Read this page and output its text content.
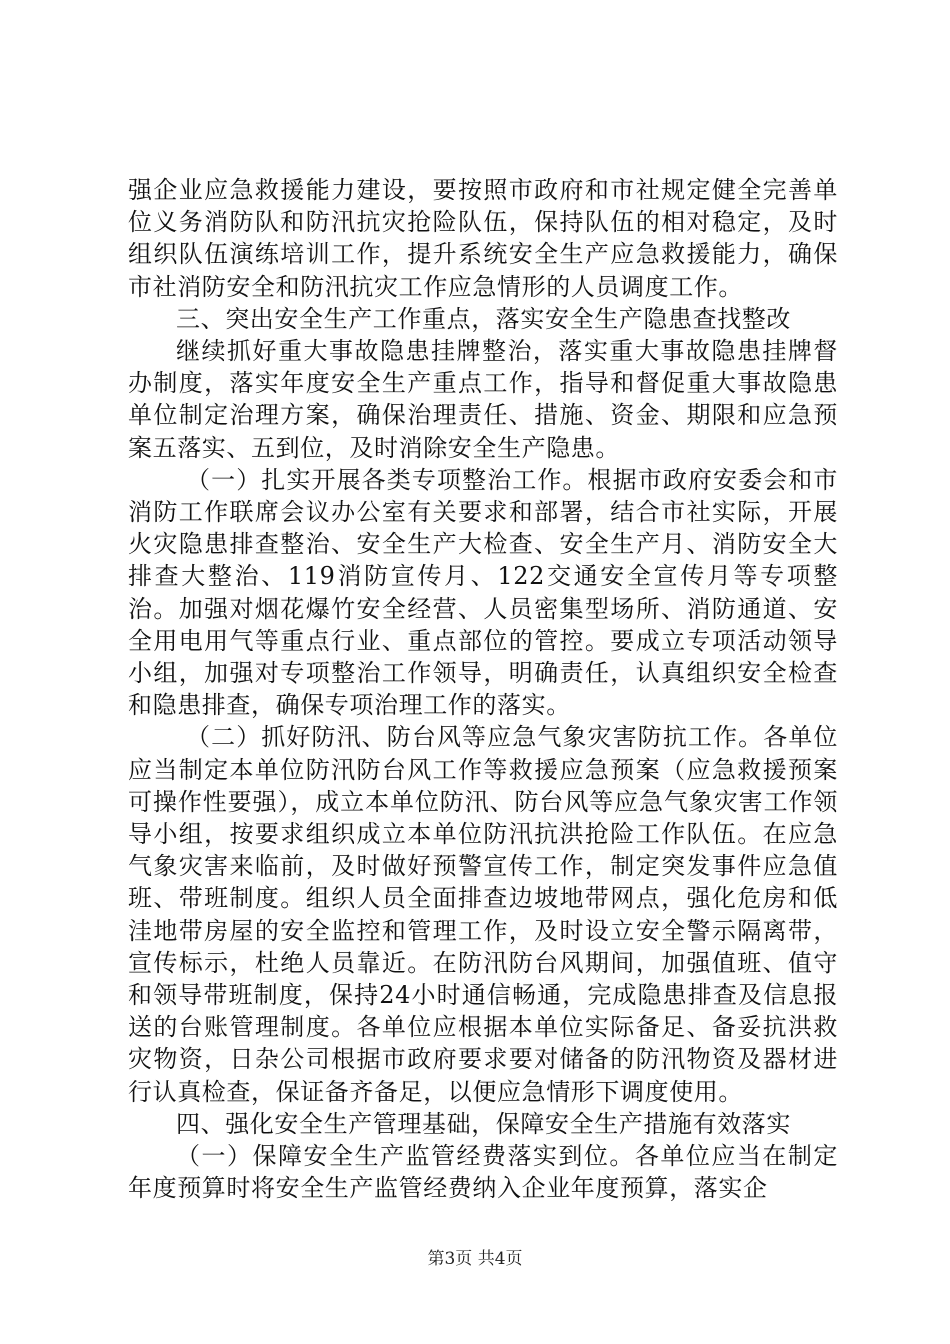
强企业应急救援能力建设，要按照市政府和市社规定健全完善单位义务消防队和防汛抗灾抢险队伍，保持队伍的相对稳定，及时组织队伍演练培训工作，提升系统安全生产应急救援能力，确保市社消防安全和防汛抗灾工作应急情形的人员调度工作。

三、突出安全生产工作重点，落实安全生产隐患查找整改

继续抓好重大事故隐患挂牌整治，落实重大事故隐患挂牌督办制度，落实年度安全生产重点工作，指导和督促重大事故隐患单位制定治理方案，确保治理责任、措施、资金、期限和应急预案五落实、五到位，及时消除安全生产隐患。

（一）扎实开展各类专项整治工作。根据市政府安委会和市消防工作联席会议办公室有关要求和部署，结合市社实际，开展火灾隐患排查整治、安全生产大检查、安全生产月、消防安全大排查大整治、119消防宣传月、122交通安全宣传月等专项整治。加强对烟花爆竹安全经营、人员密集型场所、消防通道、安全用电用气等重点行业、重点部位的管控。要成立专项活动领导小组，加强对专项整治工作领导，明确责任，认真组织安全检查和隐患排查，确保专项治理工作的落实。

（二）抓好防汛、防台风等应急气象灾害防抗工作。各单位应当制定本单位防汛防台风工作等救援应急预案（应急救援预案可操作性要强），成立本单位防汛、防台风等应急气象灾害工作领导小组，按要求组织成立本单位防汛抗洪抢险工作队伍。在应急气象灾害来临前，及时做好预警宣传工作，制定突发事件应急值班、带班制度。组织人员全面排查边坡地带网点，强化危房和低洼地带房屋的安全监控和管理工作，及时设立安全警示隔离带，宣传标示，杜绝人员靠近。在防汛防台风期间，加强值班、值守和领导带班制度，保持24小时通信畅通，完成隐患排查及信息报送的台账管理制度。各单位应根据本单位实际备足、备妥抗洪救灾物资，日杂公司根据市政府要求要对储备的防汛物资及器材进行认真检查，保证备齐备足，以便应急情形下调度使用。

四、强化安全生产管理基础，保障安全生产措施有效落实

（一）保障安全生产监管经费落实到位。各单位应当在制定年度预算时将安全生产监管经费纳入企业年度预算，落实企

第3页 共4页
